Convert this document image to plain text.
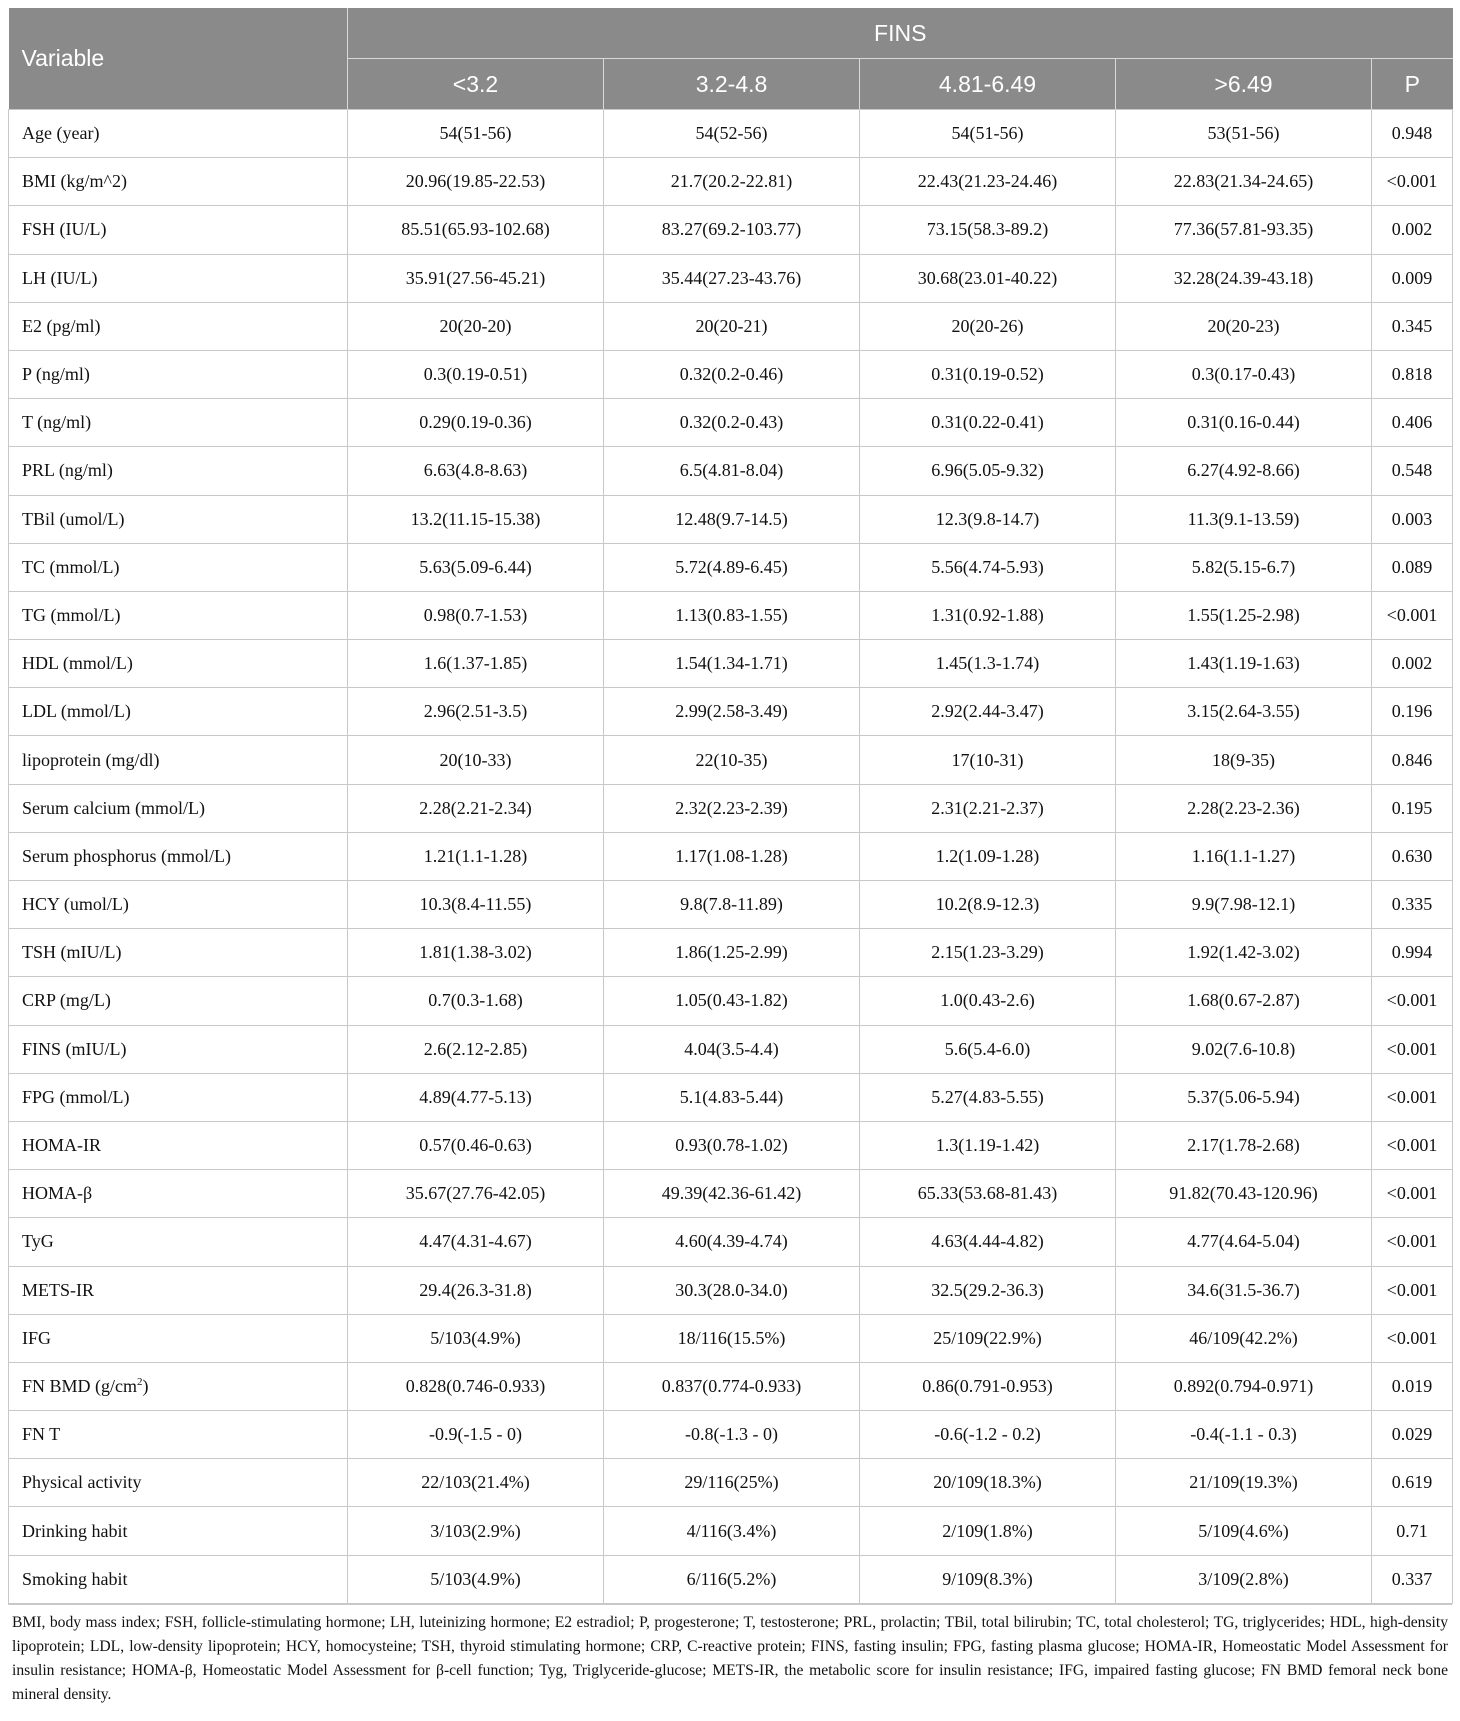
Variable	FINS				
	<3.2	3.2-4.8	4.81-6.49	>6.49	P
Age (year)	54(51-56)	54(52-56)	54(51-56)	53(51-56)	0.948
BMI (kg/m^2)	20.96(19.85-22.53)	21.7(20.2-22.81)	22.43(21.23-24.46)	22.83(21.34-24.65)	<0.001
FSH (IU/L)	85.51(65.93-102.68)	83.27(69.2-103.77)	73.15(58.3-89.2)	77.36(57.81-93.35)	0.002
LH (IU/L)	35.91(27.56-45.21)	35.44(27.23-43.76)	30.68(23.01-40.22)	32.28(24.39-43.18)	0.009
E2 (pg/ml)	20(20-20)	20(20-21)	20(20-26)	20(20-23)	0.345
P (ng/ml)	0.3(0.19-0.51)	0.32(0.2-0.46)	0.31(0.19-0.52)	0.3(0.17-0.43)	0.818
T (ng/ml)	0.29(0.19-0.36)	0.32(0.2-0.43)	0.31(0.22-0.41)	0.31(0.16-0.44)	0.406
PRL (ng/ml)	6.63(4.8-8.63)	6.5(4.81-8.04)	6.96(5.05-9.32)	6.27(4.92-8.66)	0.548
TBil (umol/L)	13.2(11.15-15.38)	12.48(9.7-14.5)	12.3(9.8-14.7)	11.3(9.1-13.59)	0.003
TC (mmol/L)	5.63(5.09-6.44)	5.72(4.89-6.45)	5.56(4.74-5.93)	5.82(5.15-6.7)	0.089
TG (mmol/L)	0.98(0.7-1.53)	1.13(0.83-1.55)	1.31(0.92-1.88)	1.55(1.25-2.98)	<0.001
HDL (mmol/L)	1.6(1.37-1.85)	1.54(1.34-1.71)	1.45(1.3-1.74)	1.43(1.19-1.63)	0.002
LDL (mmol/L)	2.96(2.51-3.5)	2.99(2.58-3.49)	2.92(2.44-3.47)	3.15(2.64-3.55)	0.196
lipoprotein (mg/dl)	20(10-33)	22(10-35)	17(10-31)	18(9-35)	0.846
Serum calcium (mmol/L)	2.28(2.21-2.34)	2.32(2.23-2.39)	2.31(2.21-2.37)	2.28(2.23-2.36)	0.195
Serum phosphorus (mmol/L)	1.21(1.1-1.28)	1.17(1.08-1.28)	1.2(1.09-1.28)	1.16(1.1-1.27)	0.630
HCY (umol/L)	10.3(8.4-11.55)	9.8(7.8-11.89)	10.2(8.9-12.3)	9.9(7.98-12.1)	0.335
TSH (mIU/L)	1.81(1.38-3.02)	1.86(1.25-2.99)	2.15(1.23-3.29)	1.92(1.42-3.02)	0.994
CRP (mg/L)	0.7(0.3-1.68)	1.05(0.43-1.82)	1.0(0.43-2.6)	1.68(0.67-2.87)	<0.001
FINS (mIU/L)	2.6(2.12-2.85)	4.04(3.5-4.4)	5.6(5.4-6.0)	9.02(7.6-10.8)	<0.001
FPG (mmol/L)	4.89(4.77-5.13)	5.1(4.83-5.44)	5.27(4.83-5.55)	5.37(5.06-5.94)	<0.001
HOMA-IR	0.57(0.46-0.63)	0.93(0.78-1.02)	1.3(1.19-1.42)	2.17(1.78-2.68)	<0.001
HOMA-β	35.67(27.76-42.05)	49.39(42.36-61.42)	65.33(53.68-81.43)	91.82(70.43-120.96)	<0.001
TyG	4.47(4.31-4.67)	4.60(4.39-4.74)	4.63(4.44-4.82)	4.77(4.64-5.04)	<0.001
METS-IR	29.4(26.3-31.8)	30.3(28.0-34.0)	32.5(29.2-36.3)	34.6(31.5-36.7)	<0.001
IFG	5/103(4.9%)	18/116(15.5%)	25/109(22.9%)	46/109(42.2%)	<0.001
FN BMD $(g/cm^2)$	0.828(0.746-0.933)	0.837(0.774-0.933)	0.86(0.791-0.953)	0.892(0.794-0.971)	0.019
FN T	-0.9(-1.5 - 0)	-0.8(-1.3 - 0)	-0.6(-1.2 - 0.2)	-0.4(-1.1 - 0.3)	0.029
Physical activity	22/103(21.4%)	29/116(25%)	20/109(18.3%)	21/109(19.3%)	0.619
Drinking habit	3/103(2.9%)	4/116(3.4%)	2/109(1.8%)	5/109(4.6%)	0.71
Smoking habit	5/103(4.9%)	6/116(5.2%)	9/109(8.3%)	3/109(2.8%)	0.337
BMI, body mass index; FSH, follicle-stimulating hormone; LH, luteinizing hormone; E2 estradiol; P, progesterone; T, testosterone; PRL, prolactin; TBil, total bilirubin; TC, total cholesterol; TG, triglycerides; HDL, high-density lipoprotein; LDL, low-density lipoprotein; HCY, homocysteine; TSH, thyroid stimulating hormone; CRP, C-reactive protein; FINS, fasting insulin; FPG, fasting plasma glucose; HOMA-IR, Homeostatic Model Assessment for insulin resistance; HOMA-β, Homeostatic Model Assessment for β-cell function; Tyg, Triglyceride-glucose; METS-IR, the metabolic score for insulin resistance; IFG, impaired fasting glucose; FN BMD femoral neck bone mineral density.
